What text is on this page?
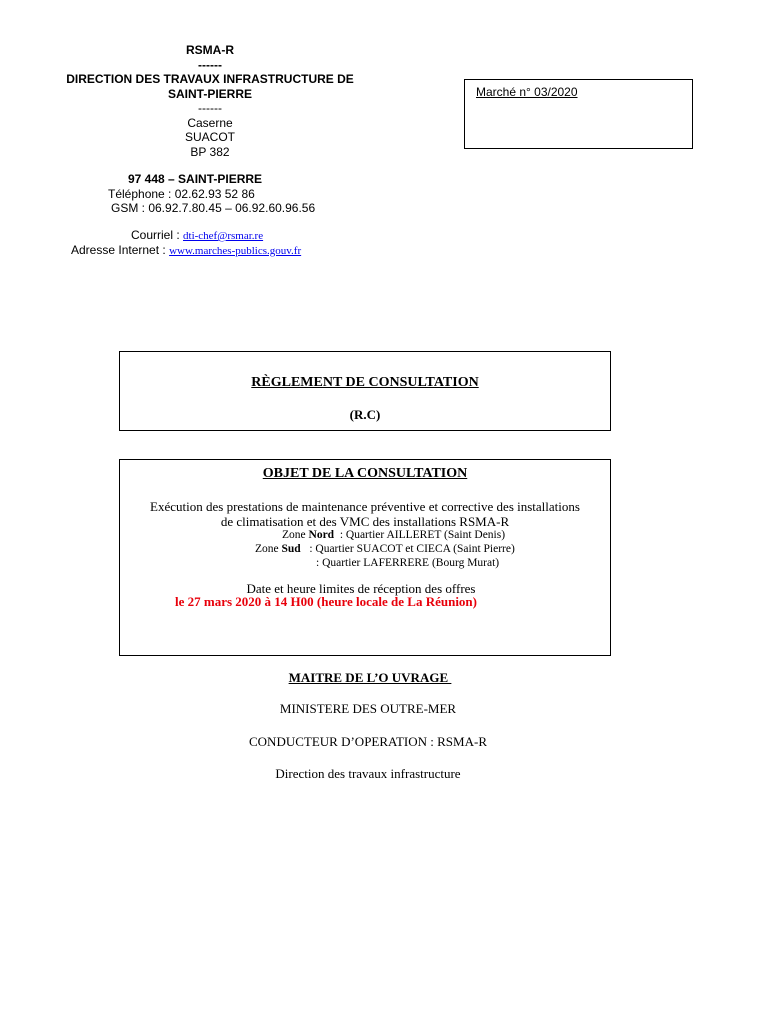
RSMA-R
------
DIRECTION DES TRAVAUX INFRASTRUCTURE DE
SAINT-PIERRE
------
Caserne
SUACOT
BP 382
97 448 – SAINT-PIERRE
Téléphone : 02.62.93 52 86
GSM : 06.92.7.80.45 – 06.92.60.96.56
Courriel : dti-chef@rsmar.re
Adresse Internet : www.marches-publics.gouv.fr
Marché n° 03/2020
RÈGLEMENT DE CONSULTATION
(R.C)
OBJET DE LA CONSULTATION
Exécution des prestations de maintenance préventive et corrective des installations
de climatisation et des VMC des installations RSMA-R
Zone Nord  : Quartier AILLERET (Saint Denis)
Zone Sud   : Quartier SUACOT et CIECA (Saint Pierre)
: Quartier LAFERRERE (Bourg Murat)
Date et heure limites de réception des offres
le 27 mars 2020 à 14 H00 (heure locale de La Réunion)
MAITRE DE L’O UVRAGE
MINISTERE DES OUTRE-MER
CONDUCTEUR D’OPERATION : RSMA-R
Direction des travaux infrastructure
